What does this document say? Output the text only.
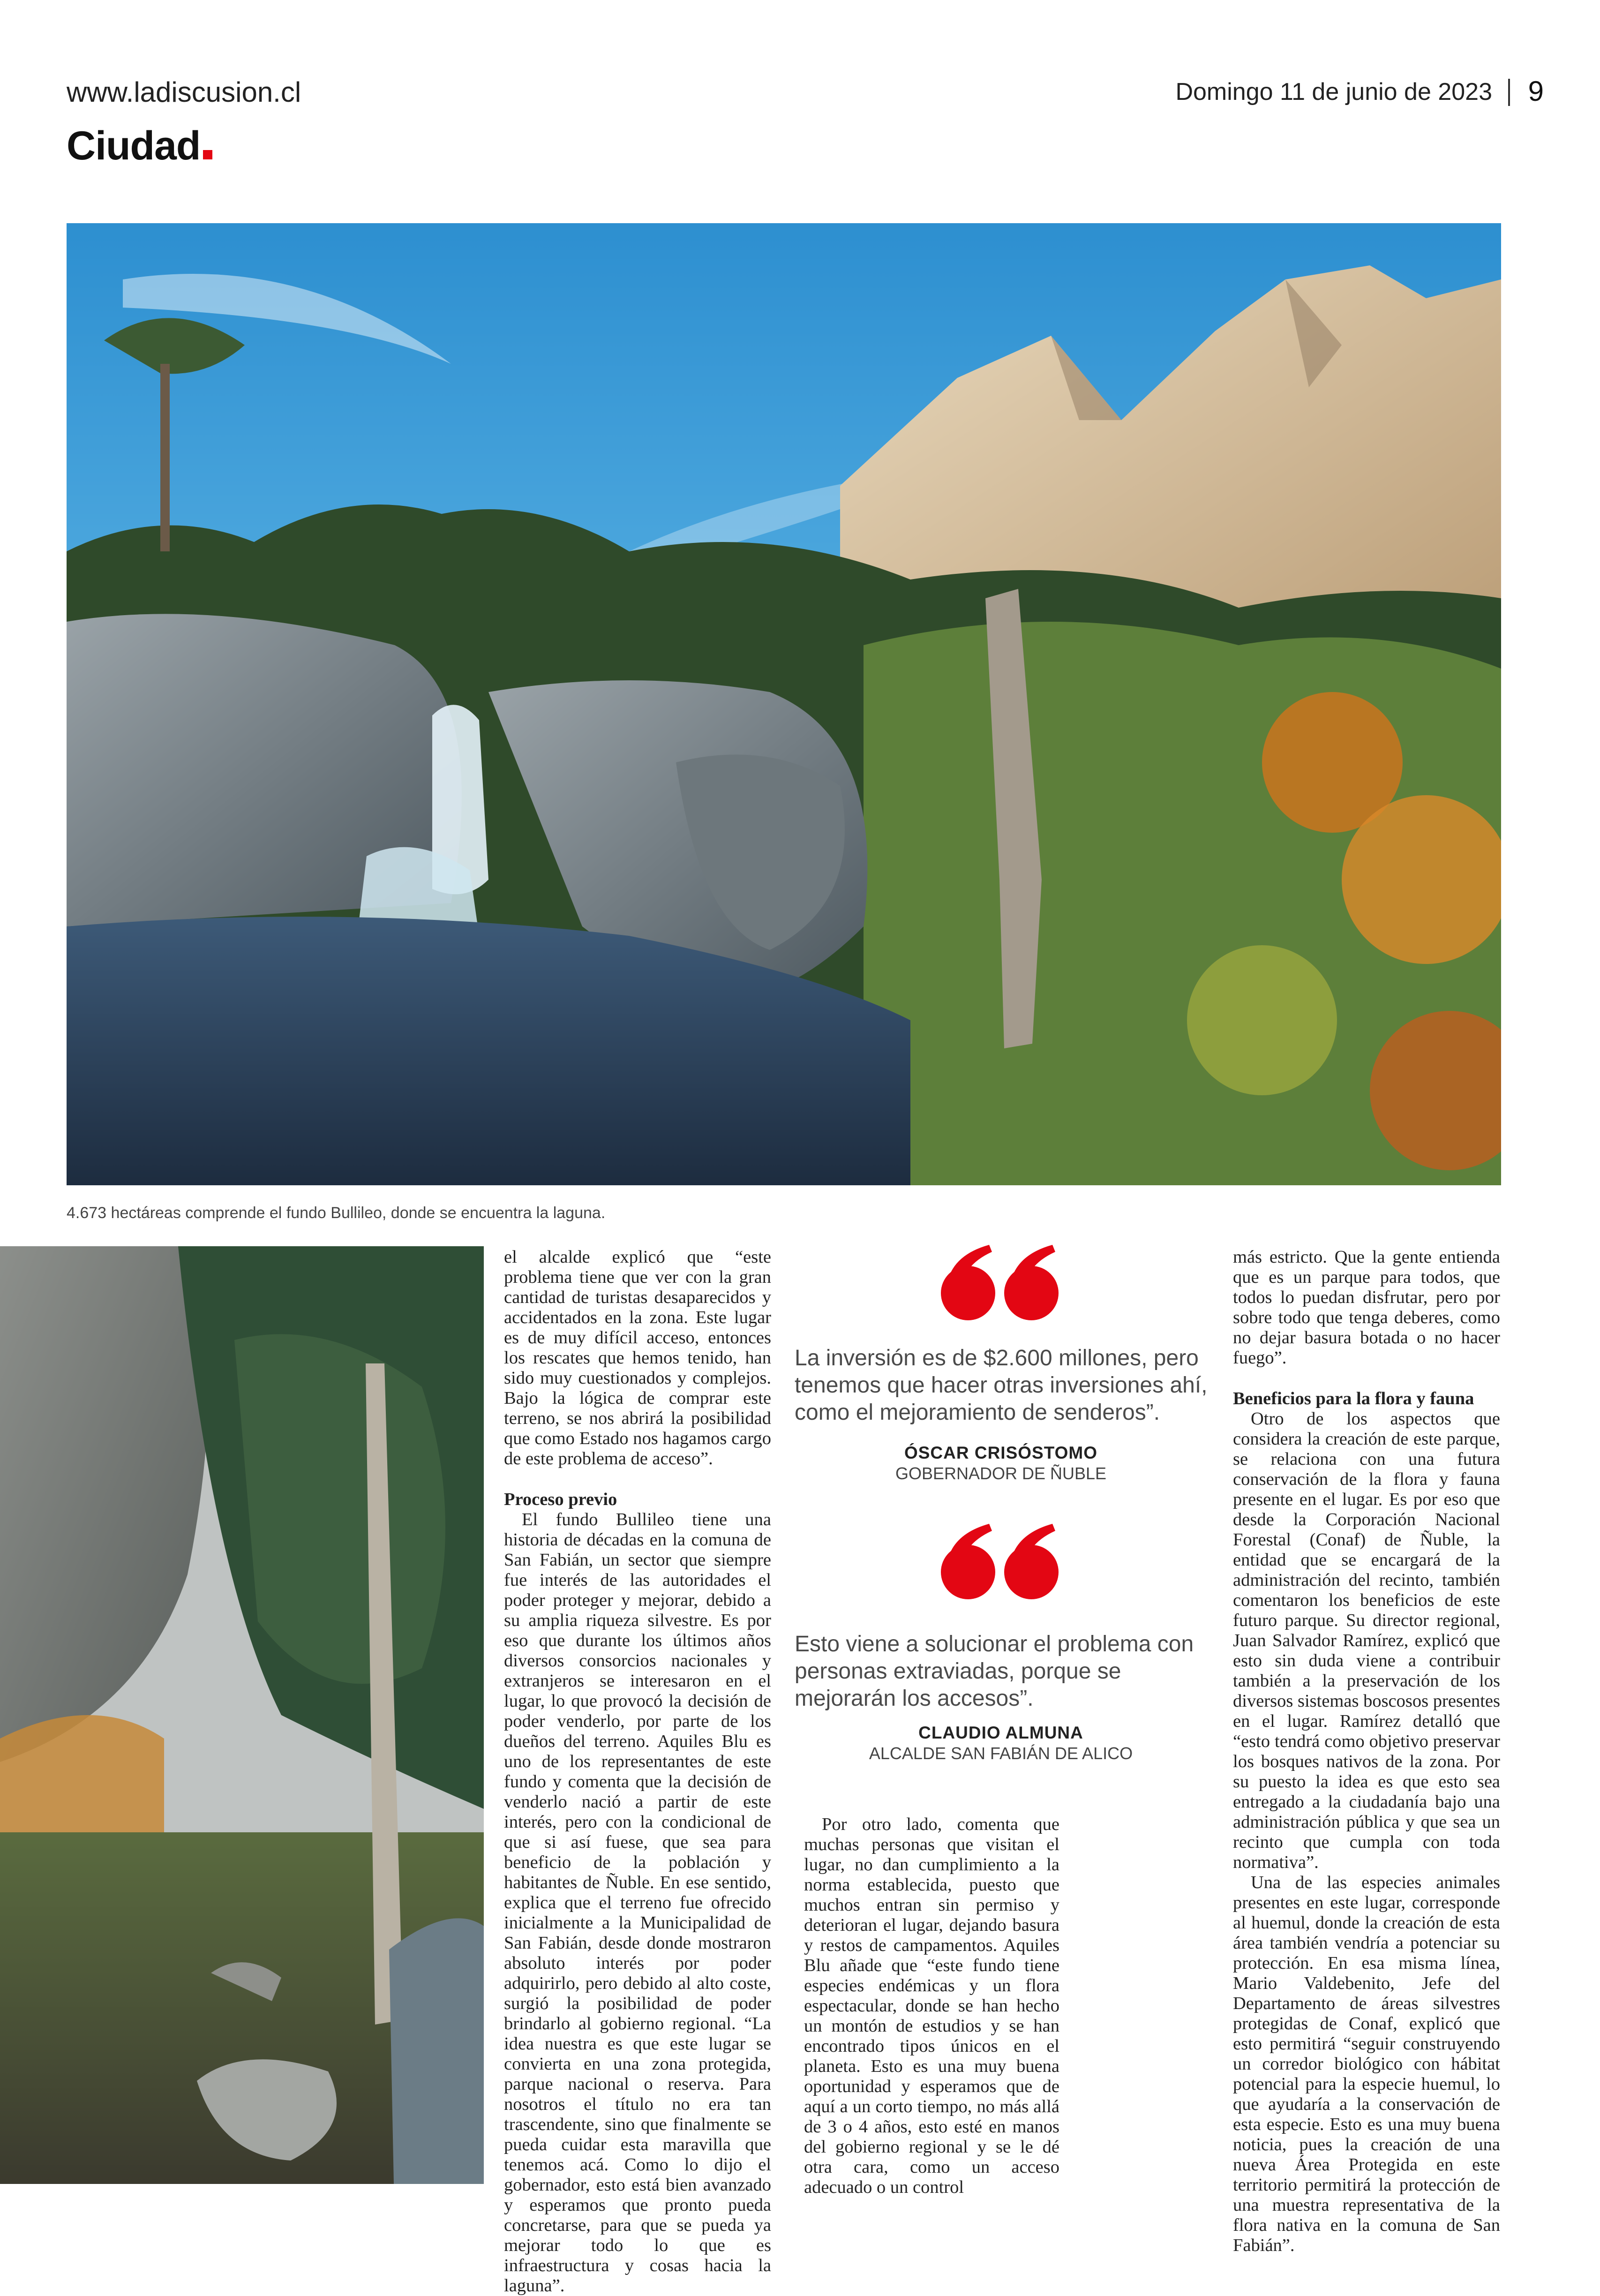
www.ladiscusion.cl
Ciudad
Domingo 11 de junio de 2023 9
4.673 hectáreas comprende el fundo Bullileo, donde se encuentra la laguna.

el alcalde explicó que “este problema tiene que ver con la gran cantidad de turistas desaparecidos y accidentados en la zona. Este lugar es de muy difícil acceso, entonces los rescates que hemos tenido, han sido muy cuestionados y complejos. Bajo la lógica de comprar este terreno, se nos abrirá la posibilidad que como Estado nos hagamos cargo de este problema de acceso”.

Proceso previo

El fundo Bullileo tiene una historia de décadas en la comuna de San Fabián, un sector que siempre fue interés de las autoridades el poder proteger y mejorar, debido a su amplia riqueza silvestre. Es por eso que durante los últimos años diversos consorcios nacionales y extranjeros se interesaron en el lugar, lo que provocó la decisión de poder venderlo, por parte de los dueños del terreno. Aquiles Blu es uno de los representantes de este fundo y comenta que la decisión de venderlo nació a partir de este interés, pero con la condicional de que si así fuese, que sea para beneficio de la población y habitantes de Ñuble. En ese sentido, explica que el terreno fue ofrecido inicialmente a la Municipalidad de San Fabián, desde donde mostraron absoluto interés por poder adquirirlo, pero debido al alto coste, surgió la posibilidad de poder brindarlo al gobierno regional. “La idea nuestra es que este lugar se convierta en una zona protegida, parque nacional o reserva. Para nosotros el título no era tan trascendente, sino que finalmente se pueda cuidar esta maravilla que tenemos acá. Como lo dijo el gobernador, esto está bien avanzado y esperamos que pronto pueda concretarse, para que se pueda ya mejorar todo lo que es infraestructura y cosas hacia la laguna”.

La inversión es de $2.600 millones, pero tenemos que hacer otras inversiones ahí, como el mejoramiento de senderos”.
ÓSCAR CRISÓSTOMO
GOBERNADOR DE ÑUBLE
Esto viene a solucionar el problema con personas extraviadas, porque se mejorarán los accesos”.
CLAUDIO ALMUNA
ALCALDE SAN FABIÁN DE ALICO

Por otro lado, comenta que muchas personas que visitan el lugar, no dan cumplimiento a la norma establecida, puesto que muchos entran sin permiso y deterioran el lugar, dejando basura y restos de campamentos. Aquiles Blu añade que “este fundo tiene especies endémicas y un flora espectacular, donde se han hecho un montón de estudios y se han encontrado tipos únicos en el planeta. Esto es una muy buena oportunidad y esperamos que de aquí a un corto tiempo, no más allá de 3 o 4 años, esto esté en manos del gobierno regional y se le dé otra cara, como un acceso adecuado o un control

más estricto. Que la gente entienda que es un parque para todos, que todos lo puedan disfrutar, pero por sobre todo que tenga deberes, como no dejar basura botada o no hacer fuego”.

Beneficios para la flora y fauna

Otro de los aspectos que considera la creación de este parque, se relaciona con una futura conservación de la flora y fauna presente en el lugar. Es por eso que desde la Corporación Nacional Forestal (Conaf) de Ñuble, la entidad que se encargará de la administración del recinto, también comentaron los beneficios de este futuro parque. Su director regional, Juan Salvador Ramírez, explicó que esto sin duda viene a contribuir también a la preservación de los diversos sistemas boscosos presentes en el lugar. Ramírez detalló que “esto tendrá como objetivo preservar los bosques nativos de la zona. Por su puesto la idea es que esto sea entregado a la ciudadanía bajo una administración pública y que sea un recinto que cumpla con toda normativa”.

Una de las especies animales presentes en este lugar, corresponde al huemul, donde la creación de esta área también vendría a potenciar su protección. En esa misma línea, Mario Valdebenito, Jefe del Departamento de áreas silvestres protegidas de Conaf, explicó que esto permitirá “seguir construyendo un corredor biológico con hábitat potencial para la especie huemul, lo que ayudaría a la conservación de esta especie. Esto es una muy buena noticia, pues la creación de una nueva Área Protegida en este territorio permitirá la protección de una muestra representativa de la flora nativa en la comuna de San Fabián”.
